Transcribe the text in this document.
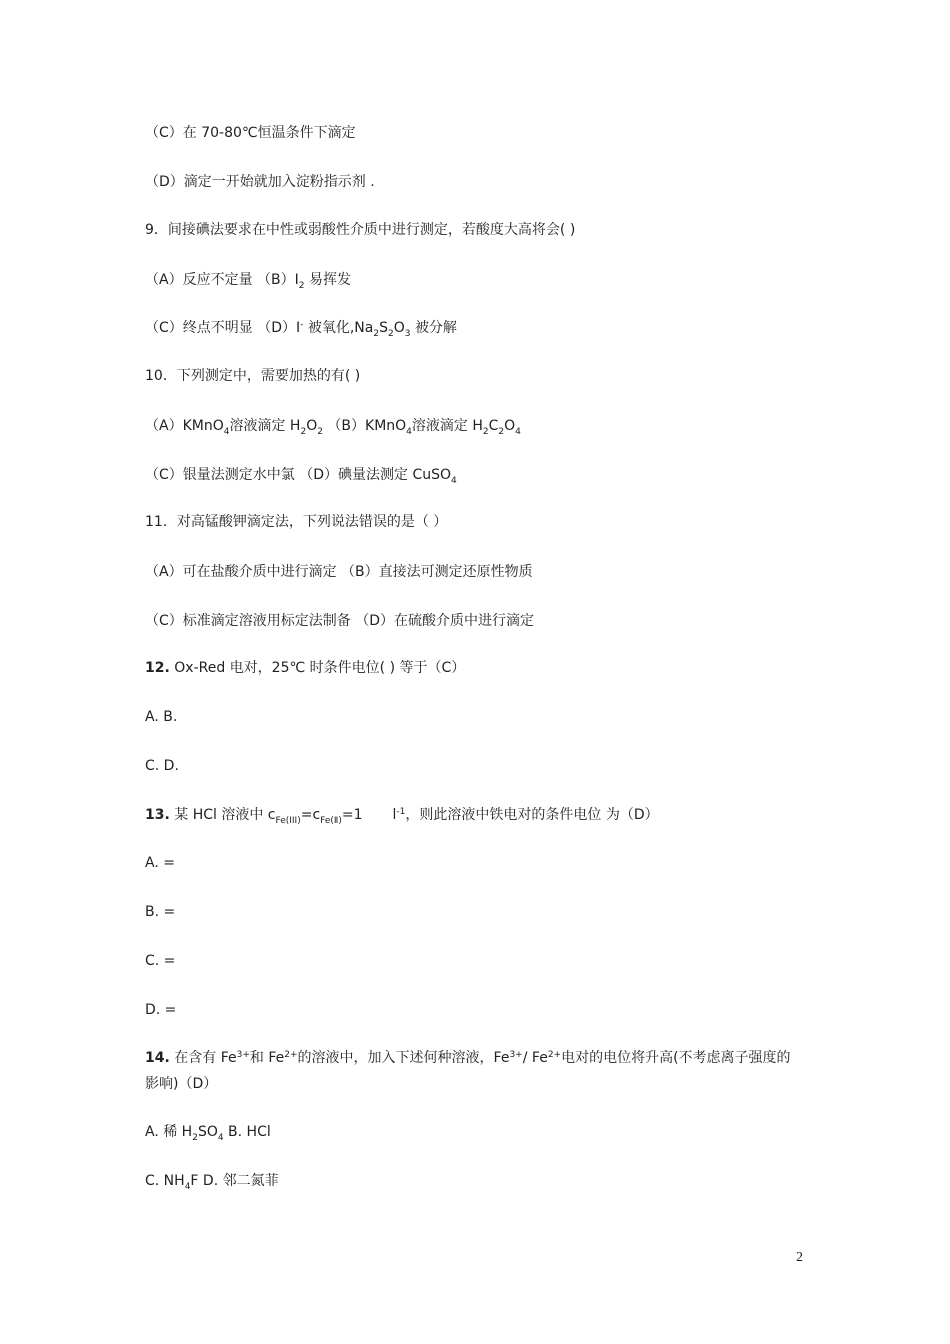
（C）在 70-80℃恒温条件下滴定
（D）滴定一开始就加入淀粉指示剂 .
9．间接碘法要求在中性或弱酸性介质中进行测定，若酸度大高将会( )
（A）反应不定量 $(B)I_2$ 易挥发
（C）终点不明显 （D）I- 被氧化$,Na_2S_2O_3$ 被分解
10．下列测定中，需要加热的有( )
（A）KMnO$_4$溶液滴定 $H_2O_2$ （B）KMnO$_4$溶液滴定 $H_2C_2O_4$
（C）银量法测定水中氯 （D）碘量法测定 CuSO$_4$
11．对高锰酸钾滴定法，下列说法错误的是（ ）
（A）可在盐酸介质中进行滴定 （B）直接法可测定还原性物质
（C）标准滴定溶液用标定法制备 （D）在硫酸介质中进行滴定
12. Ox-Red 电对，25℃ 时条件电位( ) 等于（C）
A. B.
C. D.
13. 某 HCl 溶液中 $c_{Fe(III)}=c_{Fe(Ⅱ)}=1$ $l^{-1}$，则此溶液中铁电对的条件电位 为（D）
A. =
B. =
C. =
D. =
14. 在含有 $Fe^{3+}$和 $Fe^{2+}$的溶液中，加入下述何种溶液，$Fe^{3+}/$ $Fe^{2+}$电对的电位将升高(不考虑离子强度的
影响)（D）
A. 稀 $H_2SO_4$ B. HCl
C. $NH_4F$ D. 邻二氮菲
2
